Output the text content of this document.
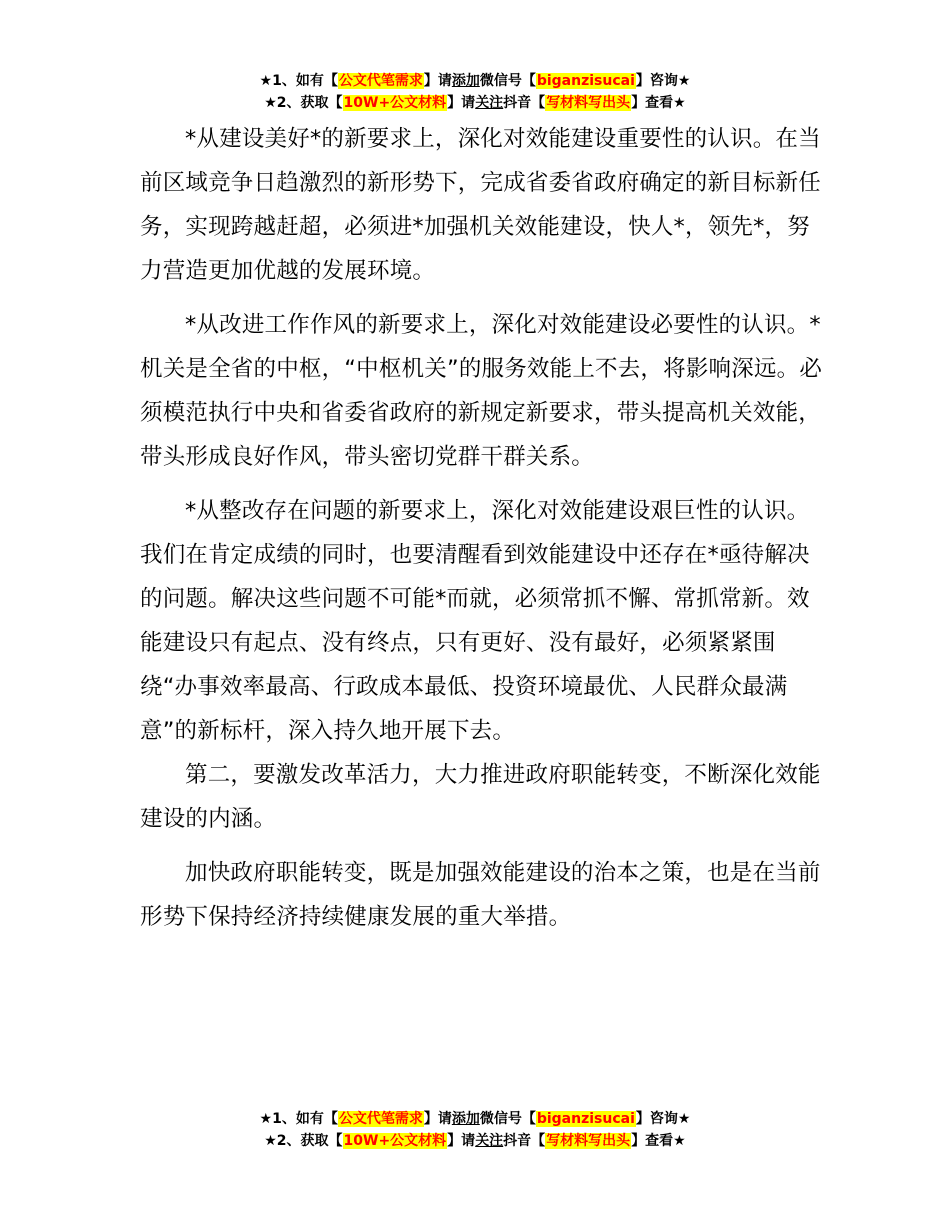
★1、如有【公文代笔需求】请添加微信号【biganzisucai】咨询★
★2、获取【10W+公文材料】请关注抖音【写材料写出头】查看★

*从建设美好*的新要求上，深化对效能建设重要性的认识。在当前区域竞争日趋激烈的新形势下，完成省委省政府确定的新目标新任务，实现跨越赶超，必须进*加强机关效能建设，快人*，领先*，努力营造更加优越的发展环境。

*从改进工作作风的新要求上，深化对效能建设必要性的认识。*机关是全省的中枢，“中枢机关”的服务效能上不去，将影响深远。必须模范执行中央和省委省政府的新规定新要求，带头提高机关效能，带头形成良好作风，带头密切党群干群关系。

*从整改存在问题的新要求上，深化对效能建设艰巨性的认识。我们在肯定成绩的同时，也要清醒看到效能建设中还存在*亟待解决的问题。解决这些问题不可能*而就，必须常抓不懈、常抓常新。效能建设只有起点、没有终点，只有更好、没有最好，必须紧紧围绕“办事效率最高、行政成本最低、投资环境最优、人民群众最满意”的新标杆，深入持久地开展下去。

第二，要激发改革活力，大力推进政府职能转变，不断深化效能建设的内涵。

加快政府职能转变，既是加强效能建设的治本之策，也是在当前形势下保持经济持续健康发展的重大举措。

★1、如有【公文代笔需求】请添加微信号【biganzisucai】咨询★
★2、获取【10W+公文材料】请关注抖音【写材料写出头】查看★
